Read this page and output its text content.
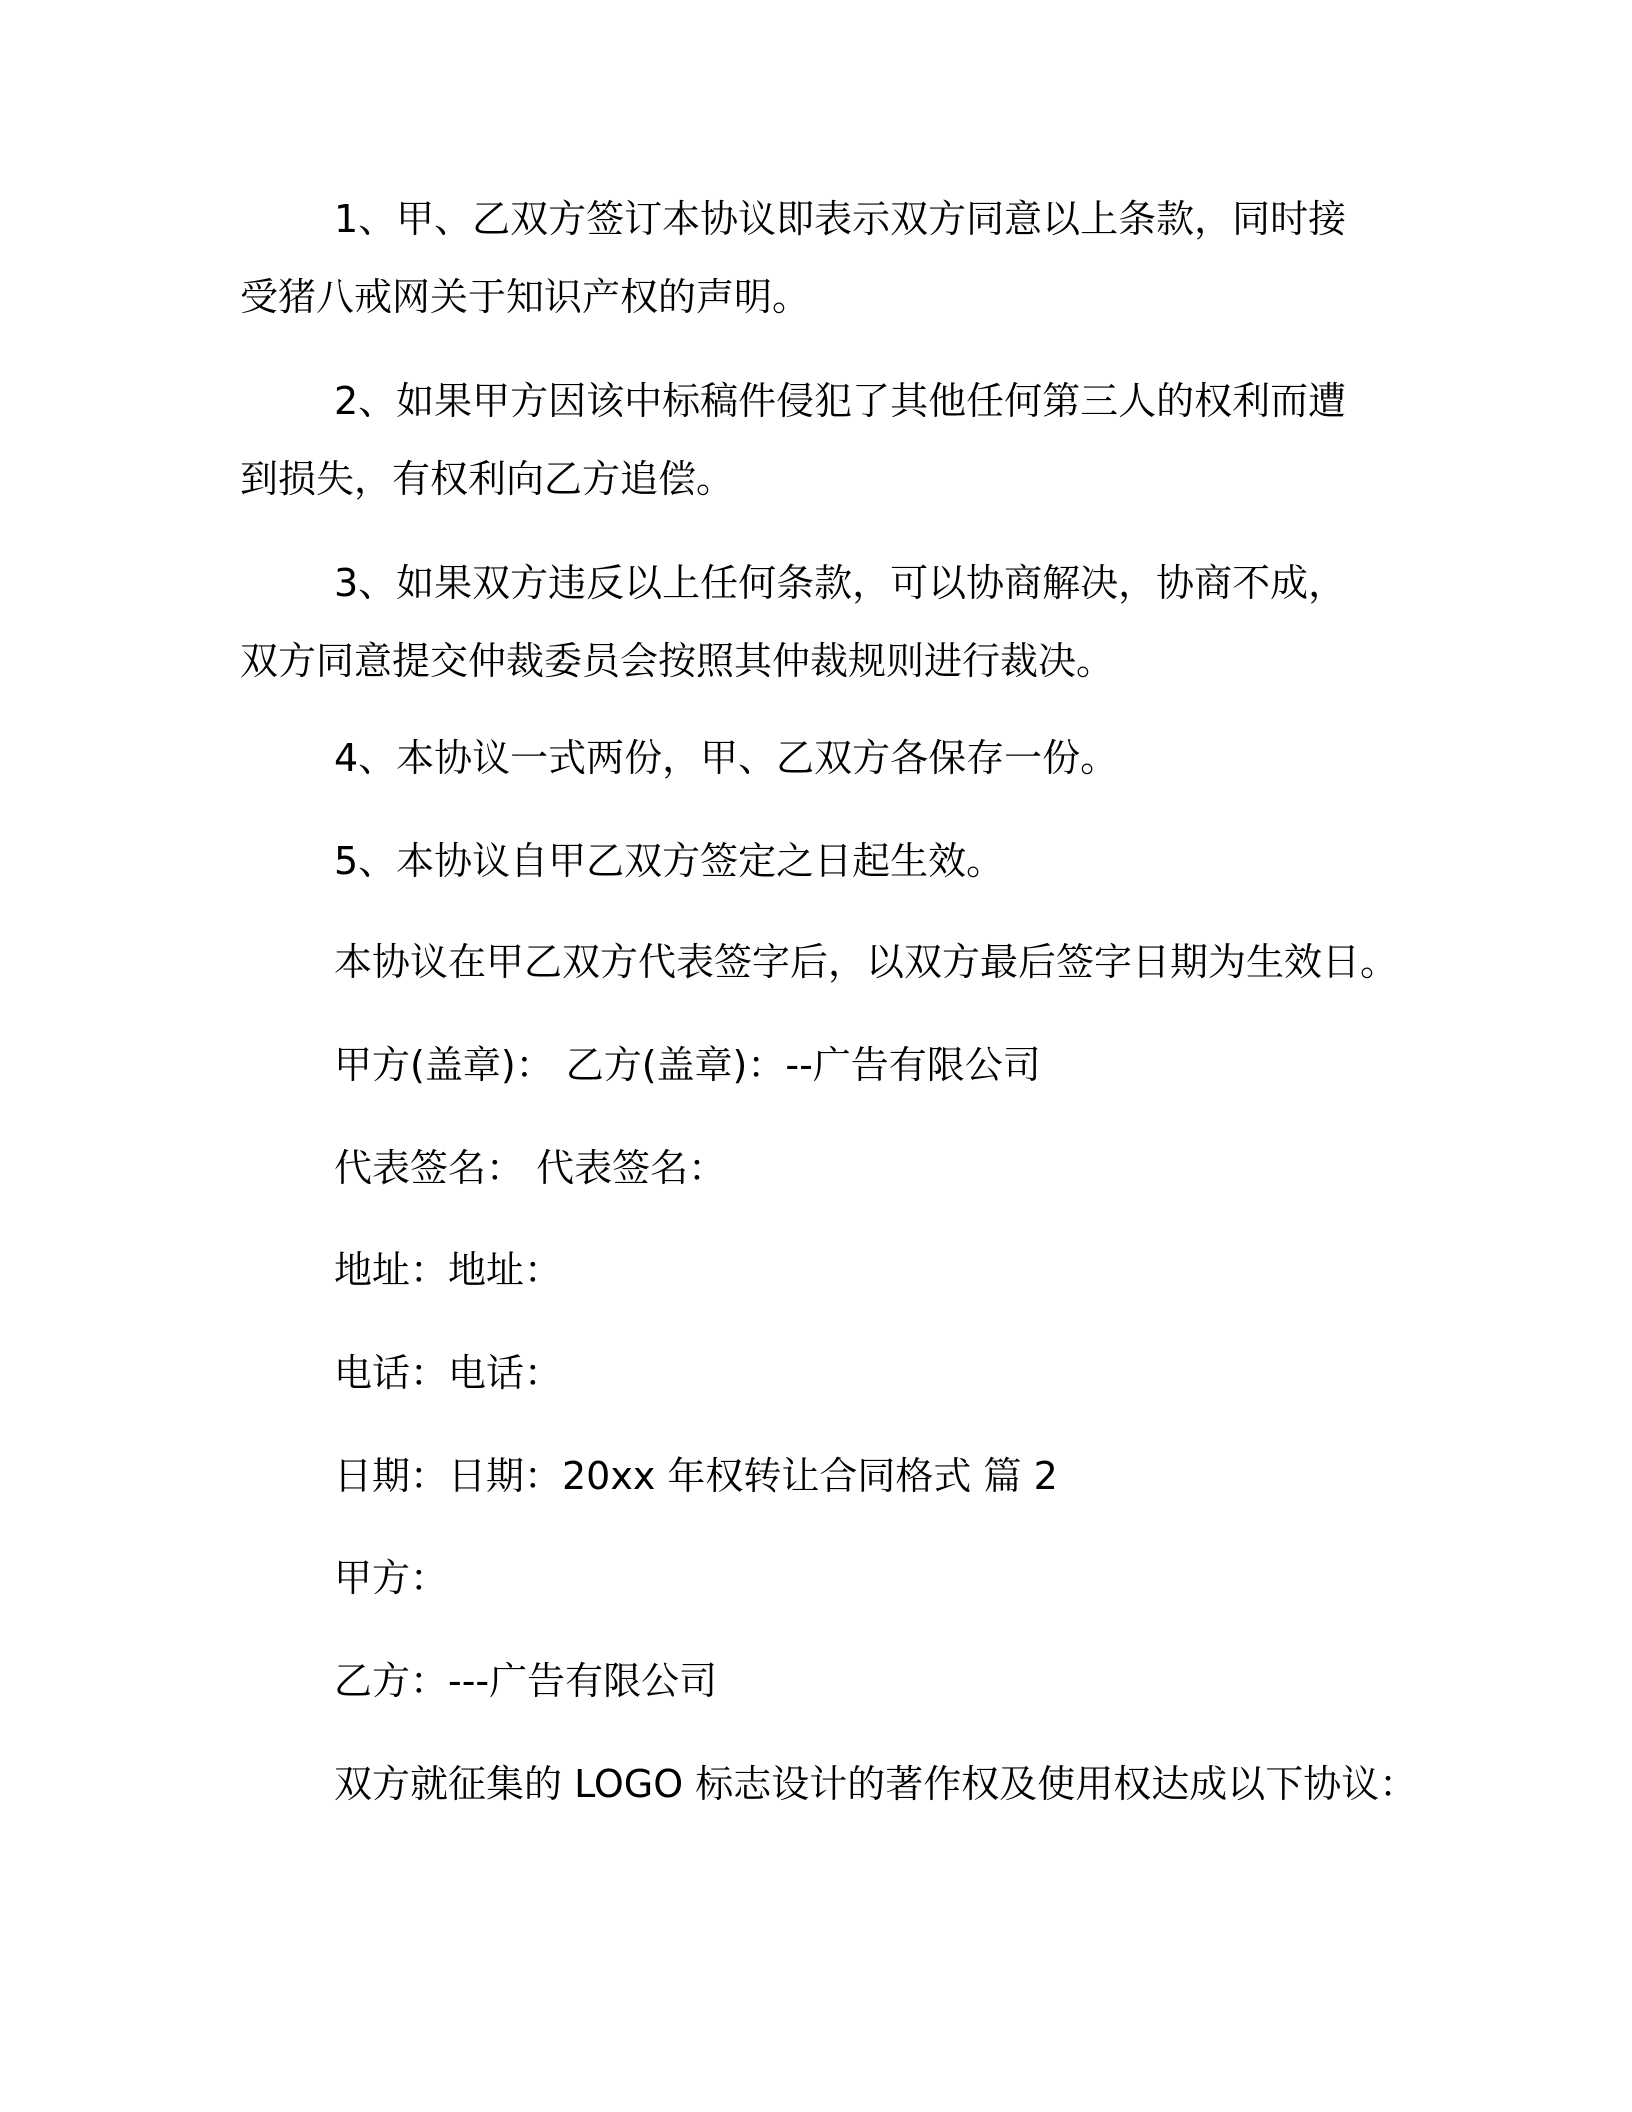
1、甲、乙双方签订本协议即表示双方同意以上条款，同时接受猪八戒网关于知识产权的声明。

2、如果甲方因该中标稿件侵犯了其他任何第三人的权利而遭到损失，有权利向乙方追偿。

3、如果双方违反以上任何条款，可以协商解决，协商不成，双方同意提交仲裁委员会按照其仲裁规则进行裁决。

4、本协议一式两份，甲、乙双方各保存一份。

5、本协议自甲乙双方签定之日起生效。

本协议在甲乙双方代表签字后，以双方最后签字日期为生效日。

甲方(盖章)： 乙方(盖章)：--广告有限公司

代表签名： 代表签名：

地址：地址：

电话：电话：

日期：日期：20xx 年权转让合同格式 篇 2

甲方：

乙方：---广告有限公司

双方就征集的 LOGO 标志设计的著作权及使用权达成以下协议：
